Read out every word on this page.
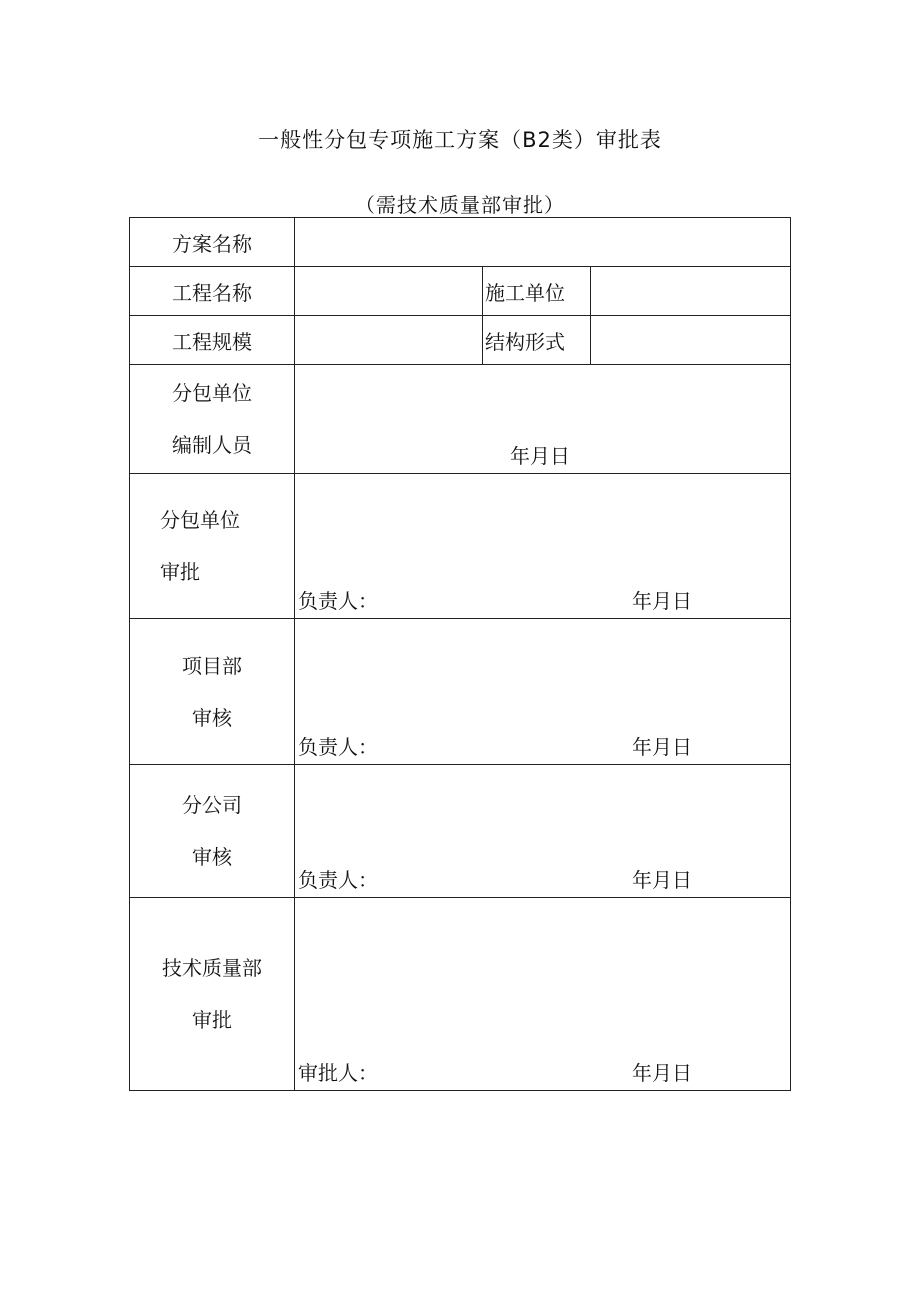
一般性分包专项施工方案（B2类）审批表
（需技术质量部审批）
方案名称			
工程名称		施工单位	
工程规模		结构形式	

分包单位
编制人员	年月日		

分包单位
审批	负责人： 年月日		

项目部
审核	负责人： 年月日		

分公司
审核	负责人： 年月日		

技术质量部
审批	审批人： 年月日		
